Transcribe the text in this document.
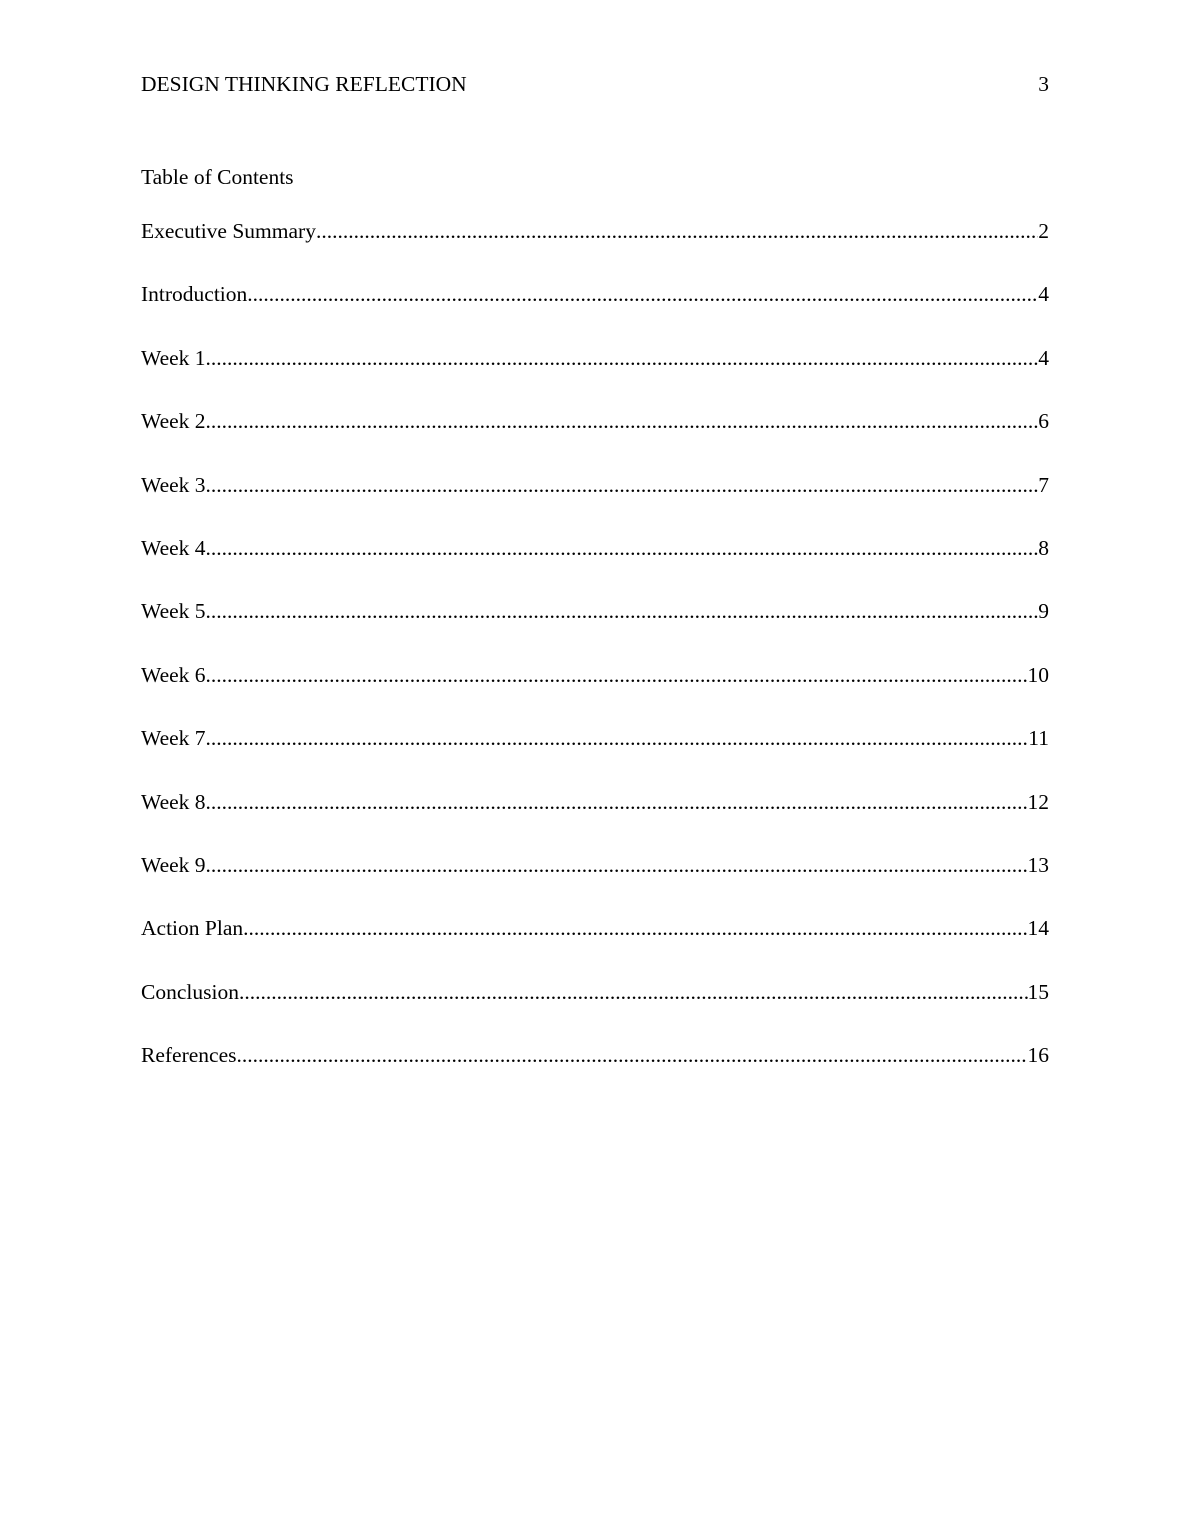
DESIGN THINKING REFLECTION	3
Table of Contents
Executive Summary .....	2
Introduction .....	4
Week 1 .....	4
Week 2 .....	6
Week 3 .....	7
Week 4 .....	8
Week 5 .....	9
Week 6 .....	10
Week 7 .....	11
Week 8 .....	12
Week 9 .....	13
Action Plan .....	14
Conclusion .....	15
References .....	16
